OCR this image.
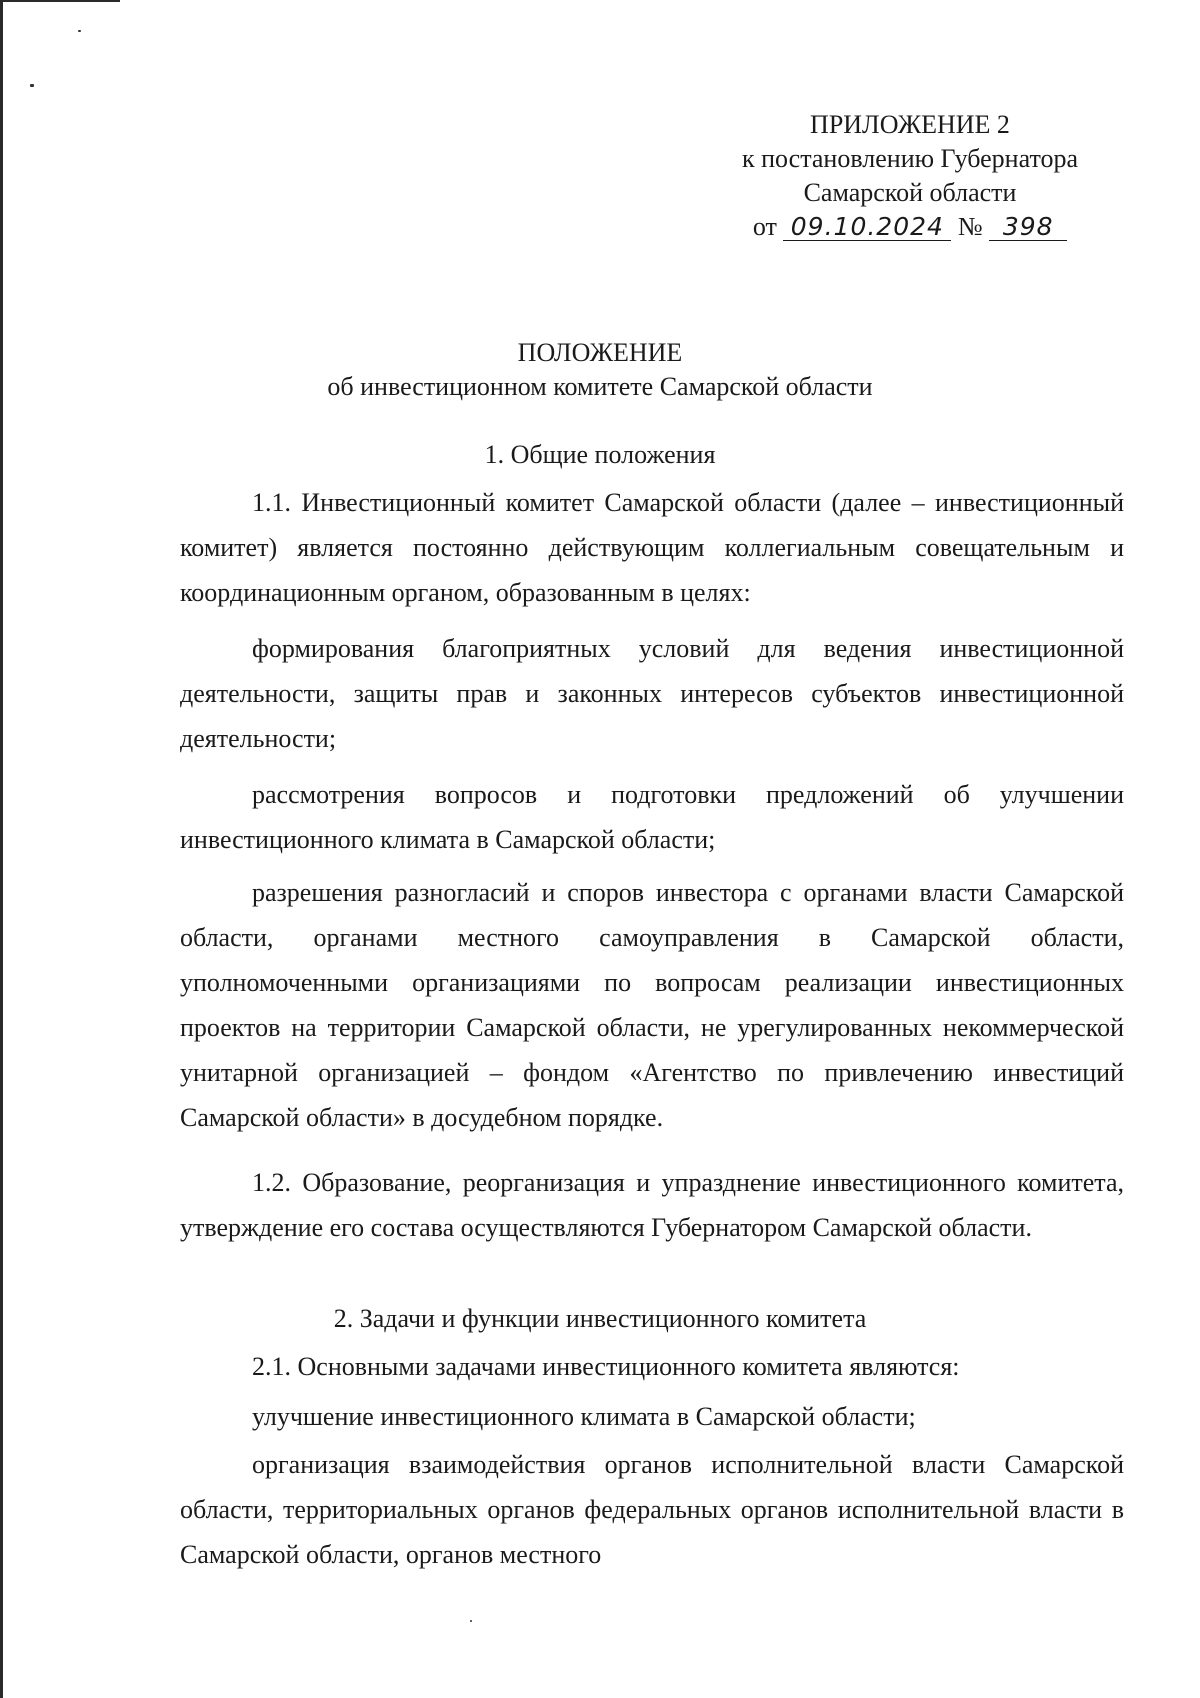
ПРИЛОЖЕНИЕ 2
к постановлению Губернатора
Самарской области
от 09.10.2024 № 398
ПОЛОЖЕНИЕ
об инвестиционном комитете Самарской области
1. Общие положения
1.1. Инвестиционный комитет Самарской области (далее – инвестиционный комитет) является постоянно действующим коллегиальным совещательным и координационным органом, образованным в целях:
формирования благоприятных условий для ведения инвестиционной деятельности, защиты прав и законных интересов субъектов инвестиционной деятельности;
рассмотрения вопросов и подготовки предложений об улучшении инвестиционного климата в Самарской области;
разрешения разногласий и споров инвестора с органами власти Самарской области, органами местного самоуправления в Самарской области, уполномоченными организациями по вопросам реализации инвестиционных проектов на территории Самарской области, не урегулированных некоммерческой унитарной организацией – фондом «Агентство по привлечению инвестиций Самарской области» в досудебном порядке.
1.2. Образование, реорганизация и упразднение инвестиционного комитета, утверждение его состава осуществляются Губернатором Самарской области.
2. Задачи и функции инвестиционного комитета
2.1. Основными задачами инвестиционного комитета являются:
улучшение инвестиционного климата в Самарской области;
организация взаимодействия органов исполнительной власти Самарской области, территориальных органов федеральных органов исполнительной власти в Самарской области, органов местного
